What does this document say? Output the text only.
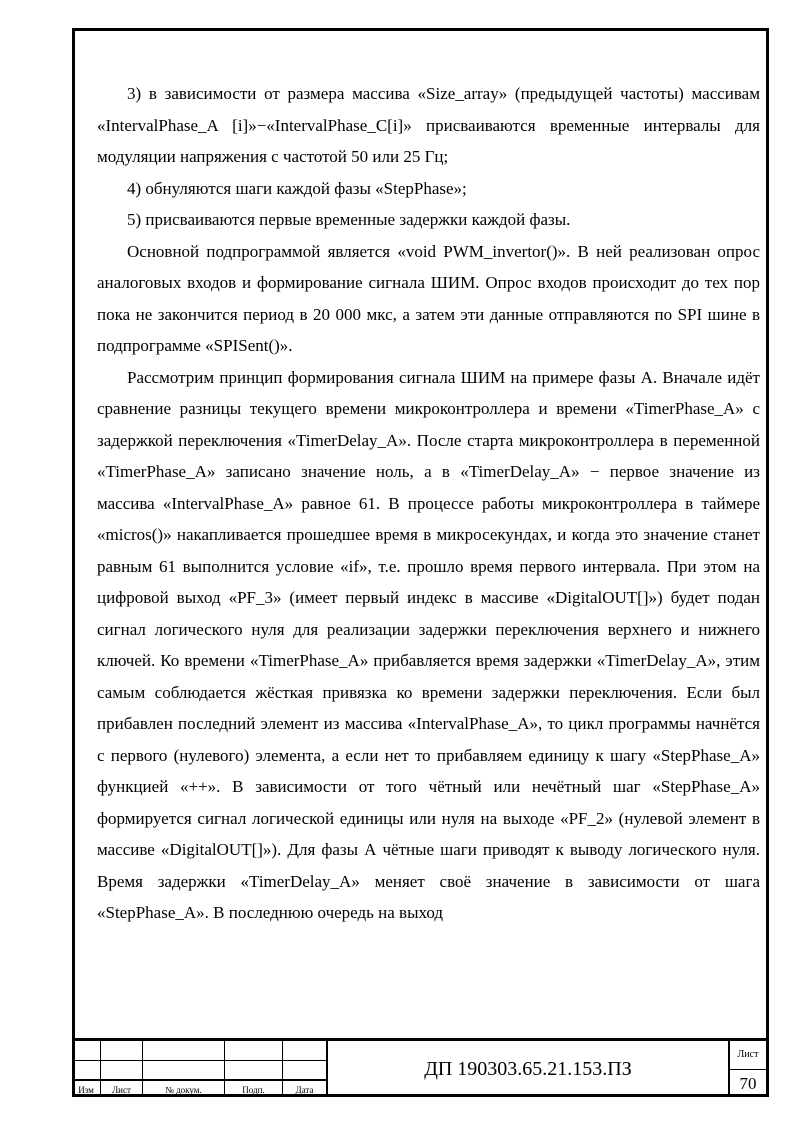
3) в зависимости от размера массива «Size_array» (предыдущей частоты) массивам «IntervalPhase_A [i]»−«IntervalPhase_C[i]» присваиваются временные интервалы для модуляции напряжения с частотой 50 или 25 Гц;

4) обнуляются шаги каждой фазы «StepPhase»;

5) присваиваются первые временные задержки каждой фазы.

Основной подпрограммой является «void PWM_invertor()». В ней реализован опрос аналоговых входов и формирование сигнала ШИМ. Опрос входов происходит до тех пор пока не закончится период в 20 000 мкс, а затем эти данные отправляются по SPI шине в подпрограмме «SPISent()».

Рассмотрим принцип формирования сигнала ШИМ на примере фазы А. Вначале идёт сравнение разницы текущего времени микроконтроллера и времени «TimerPhase_A» с задержкой переключения «TimerDelay_A». После старта микроконтроллера в переменной «TimerPhase_A» записано значение ноль, а в «TimerDelay_A» − первое значение из массива «IntervalPhase_A» равное 61. В процессе работы микроконтроллера в таймере «micros()» накапливается прошедшее время в микросекундах, и когда это значение станет равным 61 выполнится условие «if», т.е. прошло время первого интервала. При этом на цифровой выход «PF_3» (имеет первый индекс в массиве «DigitalOUT[]») будет подан сигнал логического нуля для реализации задержки переключения верхнего и нижнего ключей. Ко времени «TimerPhase_A» прибавляется время задержки «TimerDelay_A», этим самым соблюдается жёсткая привязка ко времени задержки переключения. Если был прибавлен последний элемент из массива «IntervalPhase_A», то цикл программы начнётся с первого (нулевого) элемента, а если нет то прибавляем единицу к шагу «StepPhase_A» функцией «++». В зависимости от того чётный или нечётный шаг «StepPhase_A» формируется сигнал логической единицы или нуля на выходе «PF_2» (нулевой элемент в массиве «DigitalOUT[]»). Для фазы А чётные шаги приводят к выводу логического нуля. Время задержки «TimerDelay_A» меняет своё значение в зависимости от шага «StepPhase_A». В последнюю очередь на выход

Изм	Лист	№ докум.	Подп.	Дата
ДП 190303.65.21.153.ПЗ
Лист
70
